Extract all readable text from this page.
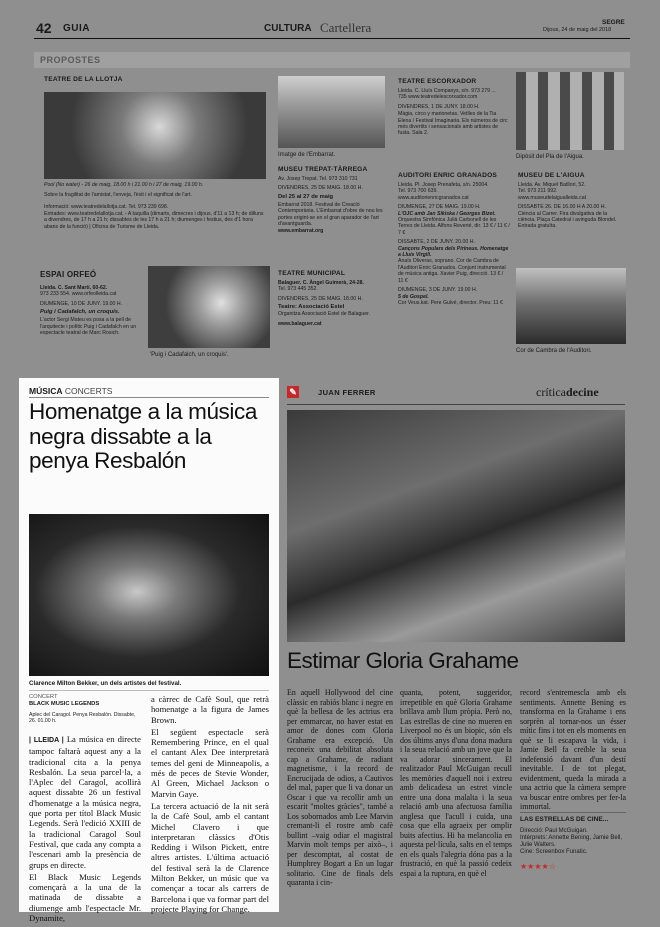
42 GUIA	CULTURA Cartellera	SEGRE
Dijous, 24 de maig del 2018
PROPOSTES
TEATRE DE LA LLOTJA
Pool (No water) - 26 de maig, 18.00 h i 21.00 h i 27 de maig, 19.00 h.
Sobre la fragilitat de l'amistat, l'enveja, l'èxit i el significat de l'art.
Informació: www.teatredelallotja.cat. Tel. 973 239 698.
Entrades: www.teatredelallotja.cat. - A taquilla (dimarts, dimecres i dijous, d'11 a 13 h; de dilluns a divendres, de 17 h a 21 h; dissabtes de les 17 h a 21 h; diumenges i festius, des d'1 hora abans de la funció) | Oficina de Turisme de Lleida.
Imatge de l'Embarrat.
MUSEU TREPAT-TÀRREGA
Av. Josep Trepat. Tel. 973 310 731
DIVENDRES, 25 DE MAIG. 18.00 H.
Del 25 al 27 de maig
Embarrat 2018. Festival de Creació Contemporània. L'Embarrat d'obre de nou les portes erigint-se en el gran aparador de l'art d'avantguarda.
www.embarrat.org
TEATRE ESCORXADOR
Lleida. C. Lluís Companys, s/n. 973 279 ...
735 www.teatredelescorxador.com
DIVENDRES, 1 DE JUNY. 18.00 H.
Màgia, circo y marionetas. Vetlles de la Tia Elena / Festival Imaginaria. Els números de circ més divertits i sensacionals amb artistes de fusta. Sala 2.
Dipòsit del Pla de l'Aigua.
ESPAI ORFEÓ
Lleida. C. Sant Martí, 60-62.
973 233 554. www.orfeolleida.cat
DIUMENGE, 10 DE JUNY. 19.00 H.
Puig i Cadafalch, un croquis.
L'actor Sergi Mateu es posa a la pell de l'arquitecte i polític Puig i Cadafalch en un espectacle teatral de Marc Rosich.
'Puig i Cadafalch, un croquis'.
TEATRE MUNICIPAL
Balaguer. C. Àngel Guimerà, 24-28.
Tel. 973 445 352.
DIVENDRES, 25 DE MAIG. 18.00 H.
Teatre: Associació Estel
Organitza Associació Estel de Balaguer.
www.balaguer.cat
AUDITORI ENRIC GRANADOS
Lleida. Pl. Josep Prenafeta, s/n. 25004.
Tel. 973 700 639.
www.auditorienricgranados.cat
DIUMENGE, 27 DE MAIG. 19.00 H.
L'OJC amb Jan Sikiska i Georges Bizet.
Orquestra Simfònica Julià Carbonell de les Terres de Lleida. Alfons Reverté, dir. 13 € / 11 € / 7 €
DISSABTE, 2 DE JUNY. 20.00 H.
Cançons Populars dels Pirineus. Homenatge a Lluís Virgili.
Anaïs Oliveras, soprano. Cor de Cambra de l'Auditori Enric Granados. Conjunt instrumental de música antiga. Xavier Puig, direcció. 13 € / 11 €
DIUMENGE, 3 DE JUNY. 19.00 H.
5 de Gospel.
Cor Veus.kat. Pere Gulvé, director. Preu: 11 €
MUSEU DE L'AIGUA
Lleida. Av. Miquel Batllori, 52.
Tel. 973 211 992.
www.museudelaigualleida.cat
DISSABTE 26. DE 16.00 H A 20.00 H.
Ciència al Carrer. Fira divulgativa de la ciència. Plaça Catedral i avinguda Blondel. Entrada gratuïta.
Cor de Cambra de l'Auditori.
MÚSICA CONCERTS
Homenatge a la música negra dissabte a la penya Resbalón
Clarence Milton Bekker, un dels artistes del festival.
CONCERT
BLACK MUSIC LEGENDS
Aplec del Caragol. Penya Resbalón. Dissabte, 26. 01.00 h.

| LLEIDA | La música en directe tampoc faltarà aquest any a la tradicional cita a la penya Resbalón. La seua parcel·la, a l'Aplec del Caragol, acollirà aquest dissabte 26 un festival d'homenatge a la música negra, que porta per títol Black Music Legends. Serà l'edició XXIII de la tradicional Caragol Soul Festival, que cada any compta a l'escenari amb la presència de grups en directe.

El Black Music Legends començarà a la una de la matinada de dissabte a diumenge amb l'espectacle Mr. Dynamite,

a càrrec de Cafè Soul, que retrà homenatge a la figura de James Brown.

El següent espectacle serà Remembering Prince, en el qual el cantant Alex Dee interpretarà temes del geni de Minneapolis, a més de peces de Stevie Wonder, Al Green, Michael Jackson o Marvin Gaye.

La tercera actuació de la nit serà la de Cafè Soul, amb el cantant Michel Clavero i que interpretaran clàssics d'Otis Redding i Wilson Pickett, entre altres artistes. L'última actuació del festival serà la de Clarence Milton Bekker, un músic que va començar a tocar als carrers de Barcelona i que va formar part del projecte Playing for Change.

✎	JUAN FERRER	críticadecine
Estimar Gloria Grahame

En aquell Hollywood del cine clàssic en rabiós blanc i negre en què la bellesa de les actrius era per emmarcar, no haver estat en amor de dones com Gloria Grahame era excepció. Un reconeix una debilitat absoluta cap a Grahame, de radiant magnetisme, i la record de Encrucijada de odios, a Cautivos del mal, paper que li va donar un Oscar i que va recollir amb un escarit "moltes gràcies", també a Los sobornados amb Lee Marvin cremant-li el rostre amb cafè bullint –vaig odiar el magistral Marvin molt temps per això–, i per descomptat, al costat de Humphrey Bogart a En un lugar solitario. Cine de finals dels quaranta i cin-

quanta, potent, suggeridor, irrepetible en què Gloria Grahame brillava amb llum pròpia. Però no, Las estrellas de cine no mueren en Liverpool no és un biopic, són els dos últims anys d'una dona madura i la seua relació amb un jove que la va adorar sincerament. El realitzador Paul McGuigan recull les memòries d'aquell noi i extreu amb delicadesa un estret vincle entre una dona malalta i la seua relació amb una afectuosa família anglesa que l'acull i cuida, una cosa que ella agraeix per omplir buits afectius. Hi ha melancolia en aquesta pel·lícula, salts en el temps en els quals l'alegria dóna pas a la frustració, en què la passió cedeix espai a la ruptura, en què el

record s'entremescla amb els sentiments. Annette Bening es transforma en la Grahame i ens sorprèn al tornar-nos un ésser mític fins i tot en els moments en què se li escapava la vida, i Jamie Bell fa creïble la seua indefensió davant d'un destí inevitable. I de tot plegat, evidentment, queda la mirada a una actriu que la càmera sempre va buscar entre ombres per fer-la immortal.

LAS ESTRELLAS DE CINE...
Direcció: Paul McGuigan.
Intèrprets: Annette Bening, Jamie Bell, Julie Walters.
Cine: Screenbox Funatic.
★★★★☆
